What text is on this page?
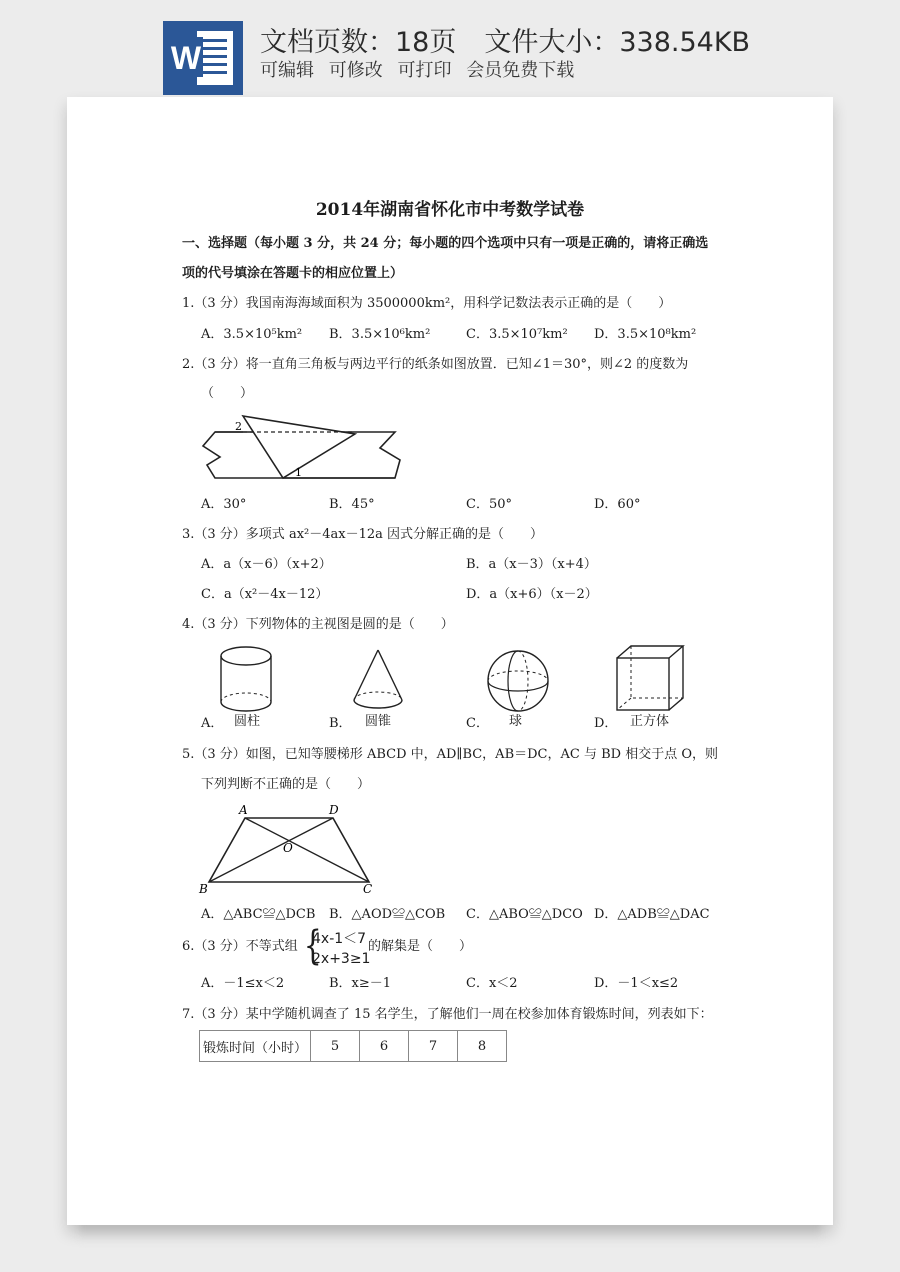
W 文档页数：18页 文件大小：338.54KB
可编辑 可修改 可打印 会员免费下载
2014年湖南省怀化市中考数学试卷
一、选择题（每小题 3 分，共 24 分；每小题的四个选项中只有一项是正确的，请将正确选
项的代号填涂在答题卡的相应位置上）
1.（3 分）我国南海海域面积为 3500000km²，用科学记数法表示正确的是（　　）
A．3.5×10⁵km² B．3.5×10⁶km²	C．3.5×10⁷km² D．3.5×10⁸km²
2.（3 分）将一直角三角板与两边平行的纸条如图放置．已知∠1＝30°，则∠2 的度数为
（　　）
2
1
A．30°	B．45°	C．50°	D．60°
3.（3 分）多项式 ax²－4ax－12a 因式分解正确的是（　　）
A．a（x－6）（x+2）	B．a（x－3）（x+4）
C．a（x²－4x－12）	D．a（x+6）（x－2）
4.（3 分）下列物体的主视图是圆的是（　　）
A． 圆柱	B． 圆锥	C． 球	D． 正方体
5.（3 分）如图，已知等腰梯形 ABCD 中，AD∥BC，AB＝DC，AC 与 BD 相交于点 O，则
下列判断不正确的是（　　）
A	D
O
B	C
A．△ABC≌△DCB B．△AOD≌△COB C．△ABO≌△DCO D．△ADB≌△DAC
6.（3 分）不等式组 {
4x-1＜7
2x+3≥1
的解集是（　　）
A．－1≤x＜2	B．x≥－1	C．x＜2	D．－1＜x≤2
7.（3 分）某中学随机调查了 15 名学生，了解他们一周在校参加体育锻炼时间，列表如下：
锻炼时间（小时）	5	6	7	8
